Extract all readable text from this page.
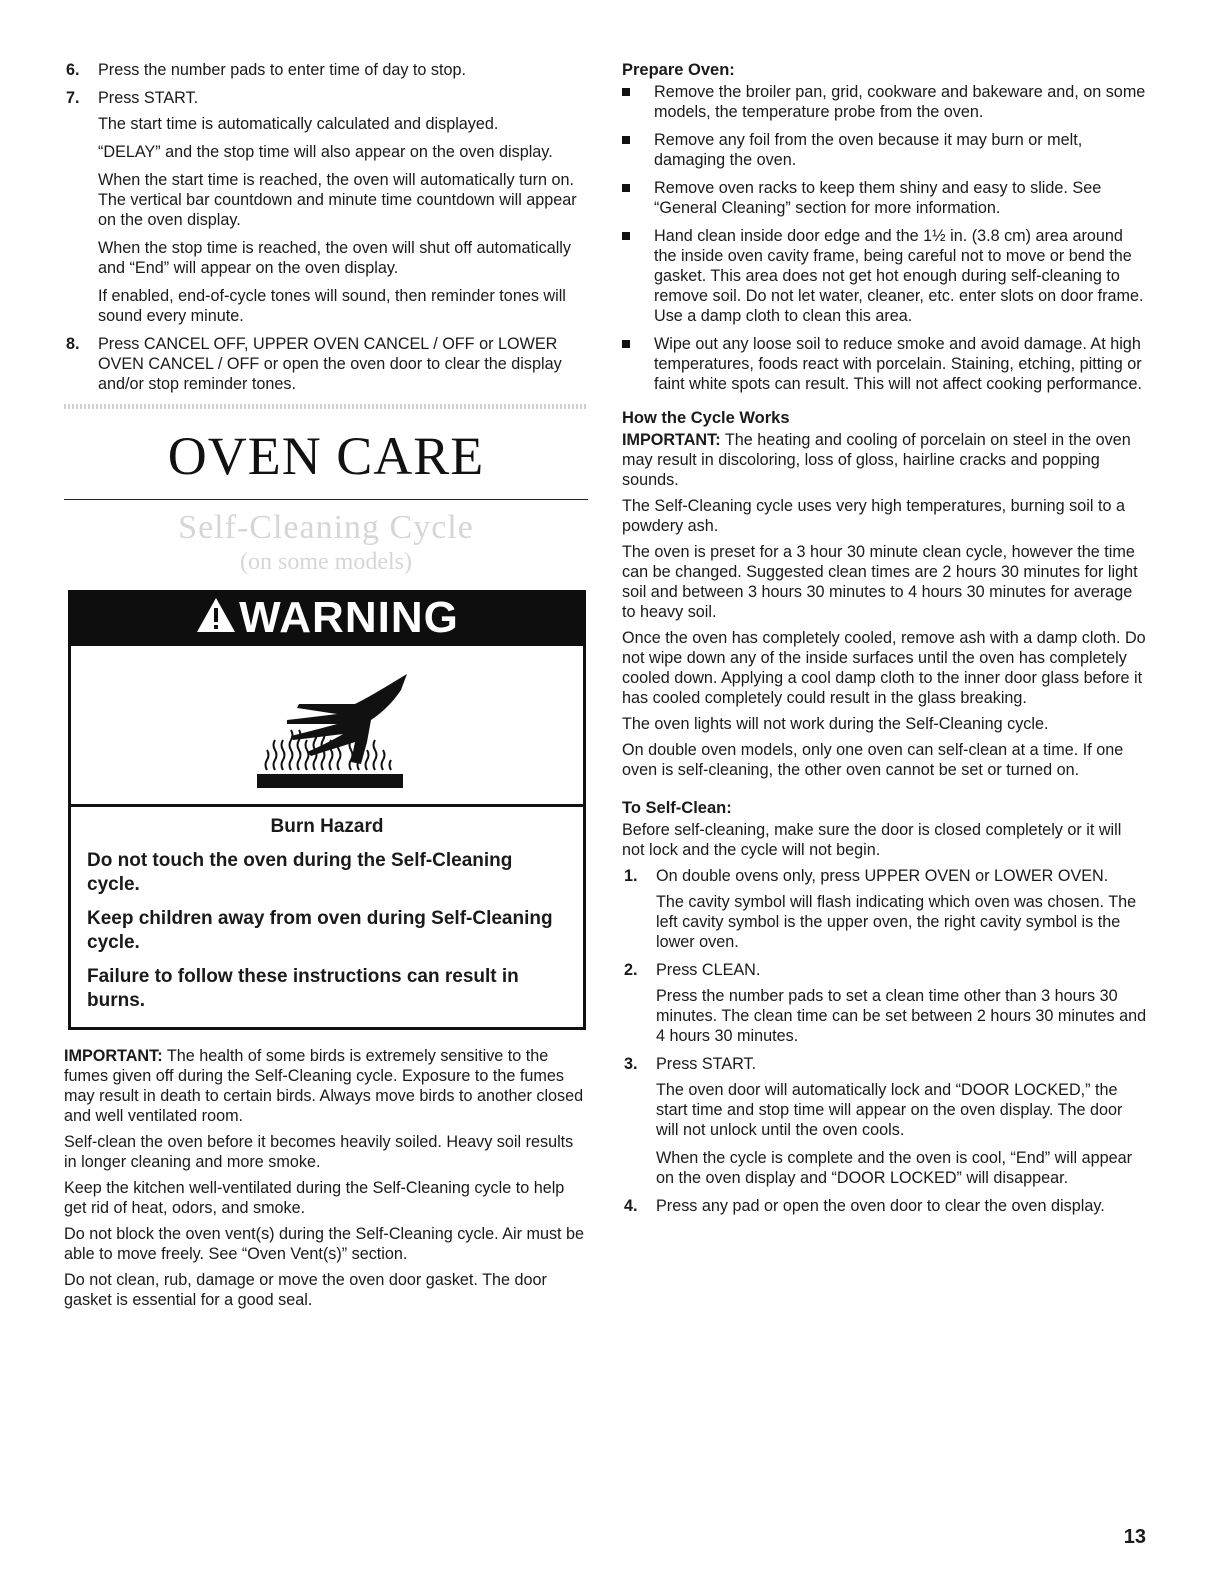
6. Press the number pads to enter time of day to stop.

7. Press START.

The start time is automatically calculated and displayed.

“DELAY” and the stop time will also appear on the oven display.

When the start time is reached, the oven will automatically turn on. The vertical bar countdown and minute time countdown will appear on the oven display.

When the stop time is reached, the oven will shut off automatically and “End” will appear on the oven display.

If enabled, end-of-cycle tones will sound, then reminder tones will sound every minute.

8. Press CANCEL OFF, UPPER OVEN CANCEL / OFF or LOWER OVEN CANCEL / OFF or open the oven door to clear the display and/or stop reminder tones.

OVEN CARE
Self-Cleaning Cycle
(on some models)
WARNING
Burn Hazard

Do not touch the oven during the Self-Cleaning cycle.

Keep children away from oven during Self-Cleaning cycle.

Failure to follow these instructions can result in burns.

IMPORTANT: The health of some birds is extremely sensitive to the fumes given off during the Self-Cleaning cycle. Exposure to the fumes may result in death to certain birds. Always move birds to another closed and well ventilated room.

Self-clean the oven before it becomes heavily soiled. Heavy soil results in longer cleaning and more smoke.

Keep the kitchen well-ventilated during the Self-Cleaning cycle to help get rid of heat, odors, and smoke.

Do not block the oven vent(s) during the Self-Cleaning cycle. Air must be able to move freely. See “Oven Vent(s)” section.

Do not clean, rub, damage or move the oven door gasket. The door gasket is essential for a good seal.

Prepare Oven:
Remove the broiler pan, grid, cookware and bakeware and, on some models, the temperature probe from the oven.
Remove any foil from the oven because it may burn or melt, damaging the oven.
Remove oven racks to keep them shiny and easy to slide. See “General Cleaning” section for more information.
Hand clean inside door edge and the 1½ in. (3.8 cm) area around the inside oven cavity frame, being careful not to move or bend the gasket. This area does not get hot enough during self-cleaning to remove soil. Do not let water, cleaner, etc. enter slots on door frame. Use a damp cloth to clean this area.
Wipe out any loose soil to reduce smoke and avoid damage. At high temperatures, foods react with porcelain. Staining, etching, pitting or faint white spots can result. This will not affect cooking performance.
How the Cycle Works

IMPORTANT: The heating and cooling of porcelain on steel in the oven may result in discoloring, loss of gloss, hairline cracks and popping sounds.

The Self-Cleaning cycle uses very high temperatures, burning soil to a powdery ash.

The oven is preset for a 3 hour 30 minute clean cycle, however the time can be changed. Suggested clean times are 2 hours 30 minutes for light soil and between 3 hours 30 minutes to 4 hours 30 minutes for average to heavy soil.

Once the oven has completely cooled, remove ash with a damp cloth. Do not wipe down any of the inside surfaces until the oven has completely cooled down. Applying a cool damp cloth to the inner door glass before it has cooled completely could result in the glass breaking.

The oven lights will not work during the Self-Cleaning cycle.

On double oven models, only one oven can self-clean at a time. If one oven is self-cleaning, the other oven cannot be set or turned on.

To Self-Clean:

Before self-cleaning, make sure the door is closed completely or it will not lock and the cycle will not begin.

1. On double ovens only, press UPPER OVEN or LOWER OVEN.

The cavity symbol will flash indicating which oven was chosen. The left cavity symbol is the upper oven, the right cavity symbol is the lower oven.

2. Press CLEAN.

Press the number pads to set a clean time other than 3 hours 30 minutes. The clean time can be set between 2 hours 30 minutes and 4 hours 30 minutes.

3. Press START.

The oven door will automatically lock and “DOOR LOCKED,” the start time and stop time will appear on the oven display. The door will not unlock until the oven cools.

When the cycle is complete and the oven is cool, “End” will appear on the oven display and “DOOR LOCKED” will disappear.

4. Press any pad or open the oven door to clear the oven display.

13
